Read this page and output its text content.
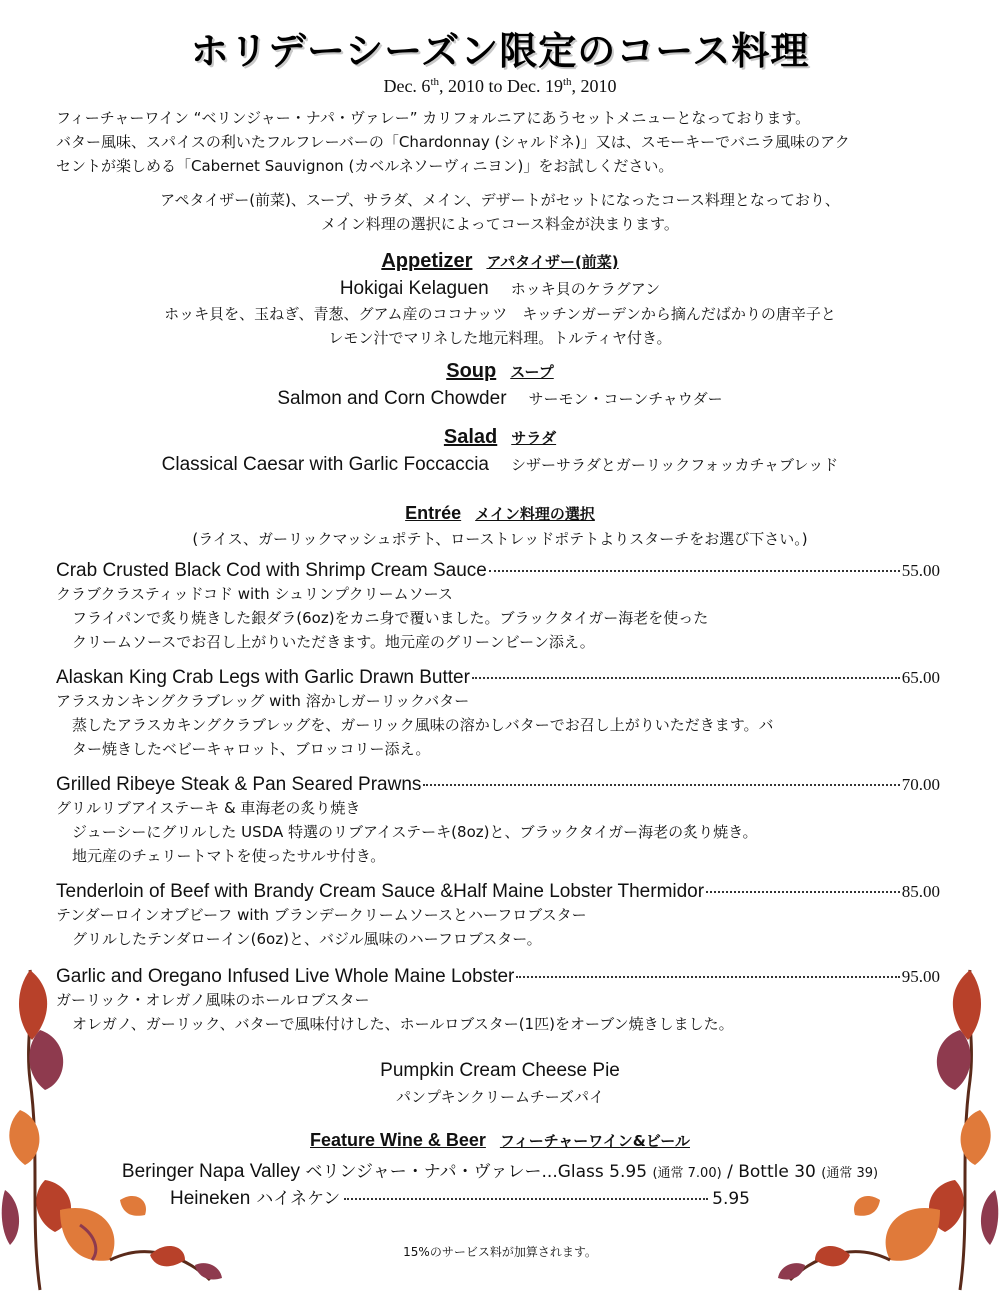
ホリデーシーズン限定のコース料理
Dec. 6th, 2010 to Dec. 19th, 2010
フィーチャーワイン “ベリンジャー・ナパ・ヴァレー” カリフォルニアにあうセットメニューとなっております。
バター風味、スパイスの利いたフルフレーバーの「Chardonnay (シャルドネ)」又は、スモーキーでバニラ風味のアク
セントが楽しめる「Cabernet Sauvignon (カベルネソーヴィニヨン)」をお試しください。
アペタイザー(前菜)、スープ、サラダ、メイン、デザートがセットになったコース料理となっており、
メイン料理の選択によってコース料金が決まります。
Appetizer アパタイザー(前菜)
Hokigai Kelaguen ホッキ貝のケラグアン
ホッキ貝を、玉ねぎ、青葱、グアム産のココナッツ　キッチンガーデンから摘んだばかりの唐辛子と
レモン汁でマリネした地元料理。トルティヤ付き。
Soup スープ
Salmon and Corn Chowder サーモン・コーンチャウダー
Salad サラダ
Classical Caesar with Garlic Foccaccia シザーサラダとガーリックフォッカチャブレッド
Entrée メイン料理の選択
(ライス、ガーリックマッシュポテト、ローストレッドポテトよりスターチをお選び下さい。)
Crab Crusted Black Cod with Shrimp Cream Sauce	55.00
クラブクラスティッドコド with シュリンプクリームソース
フライパンで炙り焼きした銀ダラ(6oz)をカニ身で覆いました。ブラックタイガー海老を使った
クリームソースでお召し上がりいただきます。地元産のグリーンビーン添え。
Alaskan King Crab Legs with Garlic Drawn Butter	65.00
アラスカンキングクラブレッグ with 溶かしガーリックバター
蒸したアラスカキングクラブレッグを、ガーリック風味の溶かしバターでお召し上がりいただきます。バ
ター焼きしたベビーキャロット、ブロッコリー添え。
Grilled Ribeye Steak & Pan Seared Prawns	70.00
グリルリブアイステーキ & 車海老の炙り焼き
ジューシーにグリルした USDA 特選のリブアイステーキ(8oz)と、ブラックタイガー海老の炙り焼き。
地元産のチェリートマトを使ったサルサ付き。
Tenderloin of Beef with Brandy Cream Sauce &Half Maine Lobster Thermidor	85.00
テンダーロインオブビーフ with ブランデークリームソースとハーフロブスター
グリルしたテンダローイン(6oz)と、バジル風味のハーフロブスター。
Garlic and Oregano Infused Live Whole Maine Lobster	95.00
ガーリック・オレガノ風味のホールロブスター
オレガノ、ガーリック、バターで風味付けした、ホールロブスター(1匹)をオーブン焼きしました。
Pumpkin Cream Cheese Pie
パンプキンクリームチーズパイ
Feature Wine & Beer フィーチャーワイン&ビール
Beringer Napa Valley ベリンジャー・ナパ・ヴァレー...Glass 5.95 (通常 7.00) / Bottle 30 (通常 39)
Heineken ハイネケン	5.95
15%のサービス料が加算されます。
